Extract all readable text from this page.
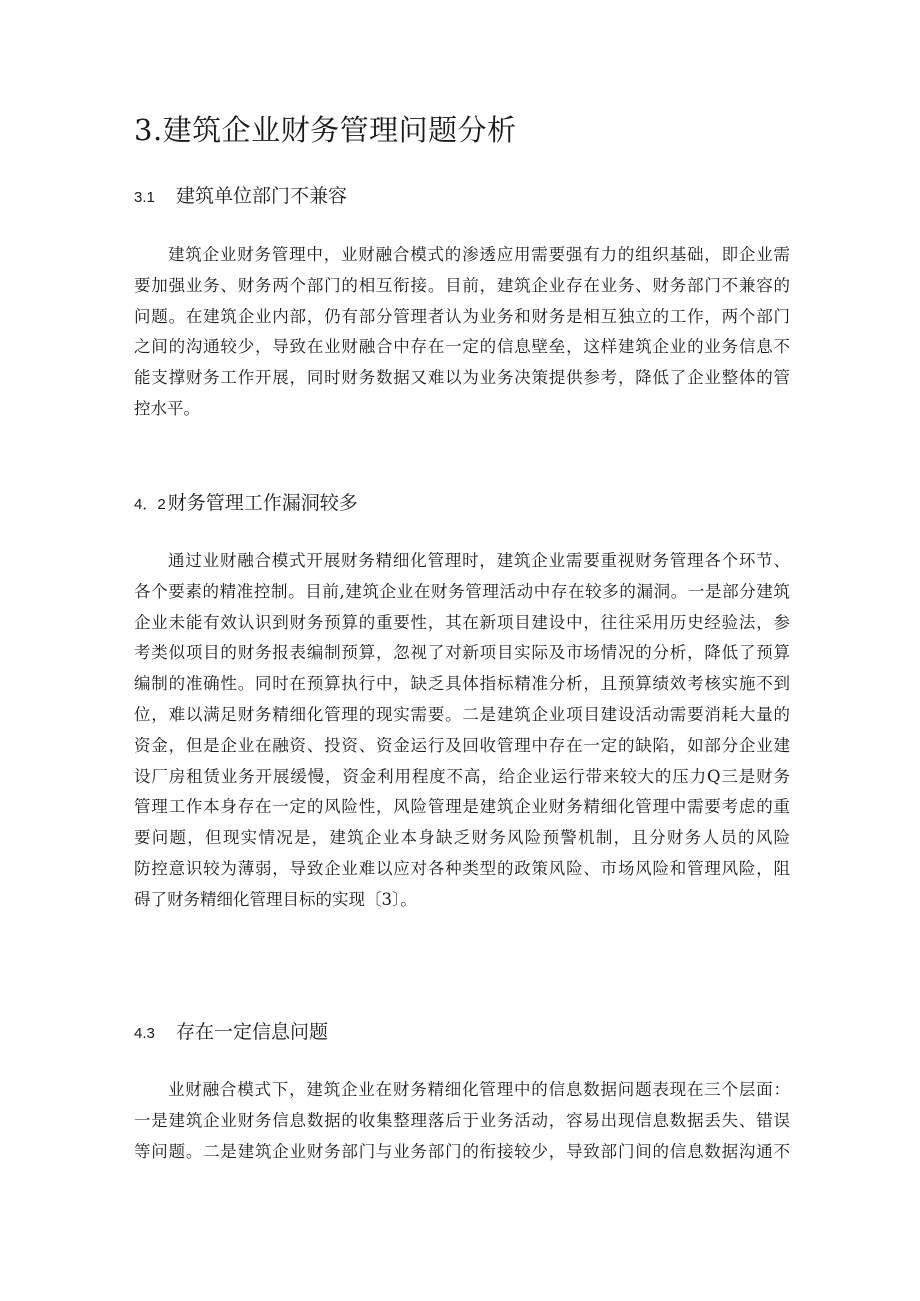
3.建筑企业财务管理问题分析
3.1	建筑单位部门不兼容
建筑企业财务管理中，业财融合模式的渗透应用需要强有力的组织基础，即企业需
要加强业务、财务两个部门的相互衔接。目前，建筑企业存在业务、财务部门不兼容的
问题。在建筑企业内部，仍有部分管理者认为业务和财务是相互独立的工作，两个部门
之间的沟通较少，导致在业财融合中存在一定的信息壁垒，这样建筑企业的业务信息不
能支撑财务工作开展，同时财务数据又难以为业务决策提供参考，降低了企业整体的管
控水平。
4．2 财务管理工作漏洞较多
通过业财融合模式开展财务精细化管理时，建筑企业需要重视财务管理各个环节、
各个要素的精准控制。目前,建筑企业在财务管理活动中存在较多的漏洞。一是部分建筑
企业未能有效认识到财务预算的重要性，其在新项目建设中，往往采用历史经验法，参
考类似项目的财务报表编制预算，忽视了对新项目实际及市场情况的分析，降低了预算
编制的准确性。同时在预算执行中，缺乏具体指标精准分析，且预算绩效考核实施不到
位，难以满足财务精细化管理的现实需要。二是建筑企业项目建设活动需要消耗大量的
资金，但是企业在融资、投资、资金运行及回收管理中存在一定的缺陷，如部分企业建
设厂房租赁业务开展缓慢，资金利用程度不高，给企业运行带来较大的压力Q三是财务
管理工作本身存在一定的风险性，风险管理是建筑企业财务精细化管理中需要考虑的重
要问题，但现实情况是，建筑企业本身缺乏财务风险预警机制，且分财务人员的风险
防控意识较为薄弱，导致企业难以应对各种类型的政策风险、市场风险和管理风险，阻
碍了财务精细化管理目标的实现〔3〕。
4.3	存在一定信息问题
业财融合模式下，建筑企业在财务精细化管理中的信息数据问题表现在三个层面：
一是建筑企业财务信息数据的收集整理落后于业务活动，容易出现信息数据丢失、错误
等问题。二是建筑企业财务部门与业务部门的衔接较少，导致部门间的信息数据沟通不
